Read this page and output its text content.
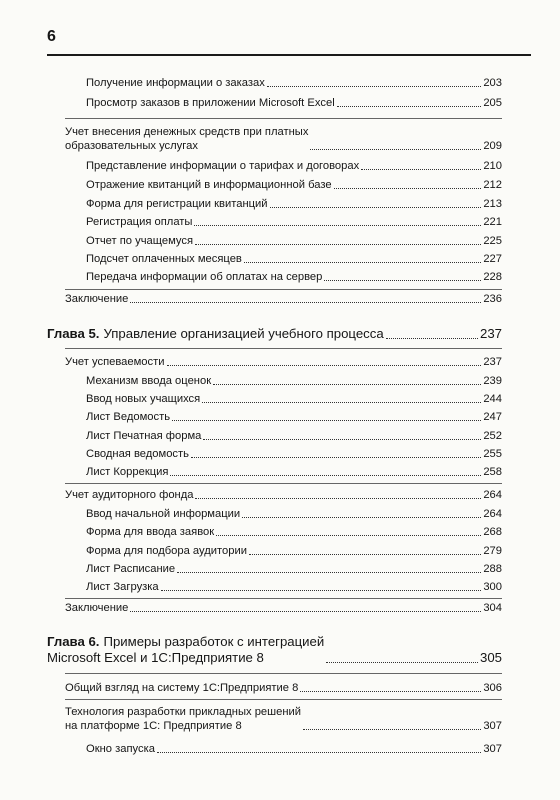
6
Получение информации о заказах	203
Просмотр заказов в приложении Microsoft Excel	205
Учет внесения денежных средств при платных
образовательных услугах	209
Представление информации о тарифах и договорах	210
Отражение квитанций в информационной базе	212
Форма для регистрации квитанций	213
Регистрация оплаты	221
Отчет по учащемуся	225
Подсчет оплаченных месяцев	227
Передача информации об оплатах на сервер	228
Заключение	236
Глава 5. Управление организацией учебного процесса	237
Учет успеваемости	237
Механизм ввода оценок	239
Ввод новых учащихся	244
Лист Ведомость	247
Лист Печатная форма	252
Сводная ведомость	255
Лист Коррекция	258
Учет аудиторного фонда	264
Ввод начальной информации	264
Форма для ввода заявок	268
Форма для подбора аудитории	279
Лист Расписание	288
Лист Загрузка	300
Заключение	304
Глава 6. Примеры разработок с интеграцией
Microsoft Excel и 1С:Предприятие 8	305
Общий взгляд на систему 1С:Предприятие 8	306
Технология разработки прикладных решений
на платформе 1С: Предприятие 8	307
Окно запуска	307
